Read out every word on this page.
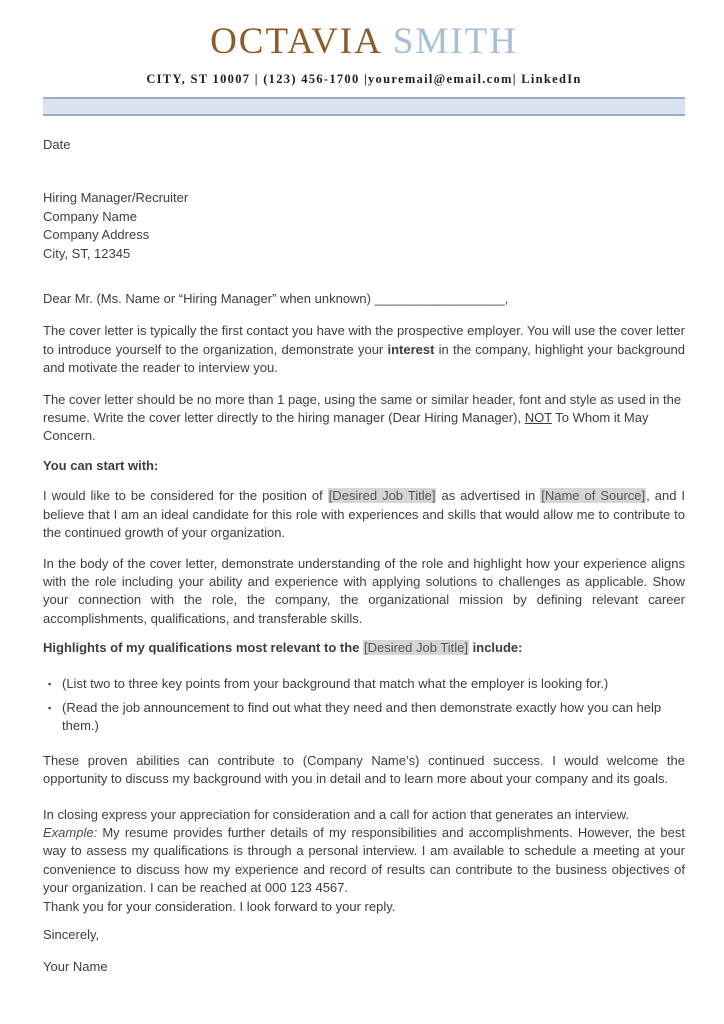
OCTAVIA SMITH
CITY, ST 10007 | (123) 456-1700 |youremail@email.com| LinkedIn
Date
Hiring Manager/Recruiter
Company Name
Company Address
City, ST, 12345
Dear Mr. (Ms. Name or “Hiring Manager” when unknown) __________________,
The cover letter is typically the first contact you have with the prospective employer. You will use the cover letter to introduce yourself to the organization, demonstrate your interest in the company, highlight your background and motivate the reader to interview you.
The cover letter should be no more than 1 page, using the same or similar header, font and style as used in the resume. Write the cover letter directly to the hiring manager (Dear Hiring Manager), NOT To Whom it May Concern.
You can start with:
I would like to be considered for the position of [Desired Job Title] as advertised in [Name of Source], and I believe that I am an ideal candidate for this role with experiences and skills that would allow me to contribute to the continued growth of your organization.
In the body of the cover letter, demonstrate understanding of the role and highlight how your experience aligns with the role including your ability and experience with applying solutions to challenges as applicable. Show your connection with the role, the company, the organizational mission by defining relevant career accomplishments, qualifications, and transferable skills.
Highlights of my qualifications most relevant to the [Desired Job Title] include:
▪ (List two to three key points from your background that match what the employer is looking for.)
▪ (Read the job announcement to find out what they need and then demonstrate exactly how you can help them.)
These proven abilities can contribute to (Company Name’s) continued success. I would welcome the opportunity to discuss my background with you in detail and to learn more about your company and its goals.
In closing express your appreciation for consideration and a call for action that generates an interview.
Example: My resume provides further details of my responsibilities and accomplishments. However, the best way to assess my qualifications is through a personal interview. I am available to schedule a meeting at your convenience to discuss how my experience and record of results can contribute to the business objectives of your organization. I can be reached at 000 123 4567.
Thank you for your consideration. I look forward to your reply.
Sincerely,
Your Name
